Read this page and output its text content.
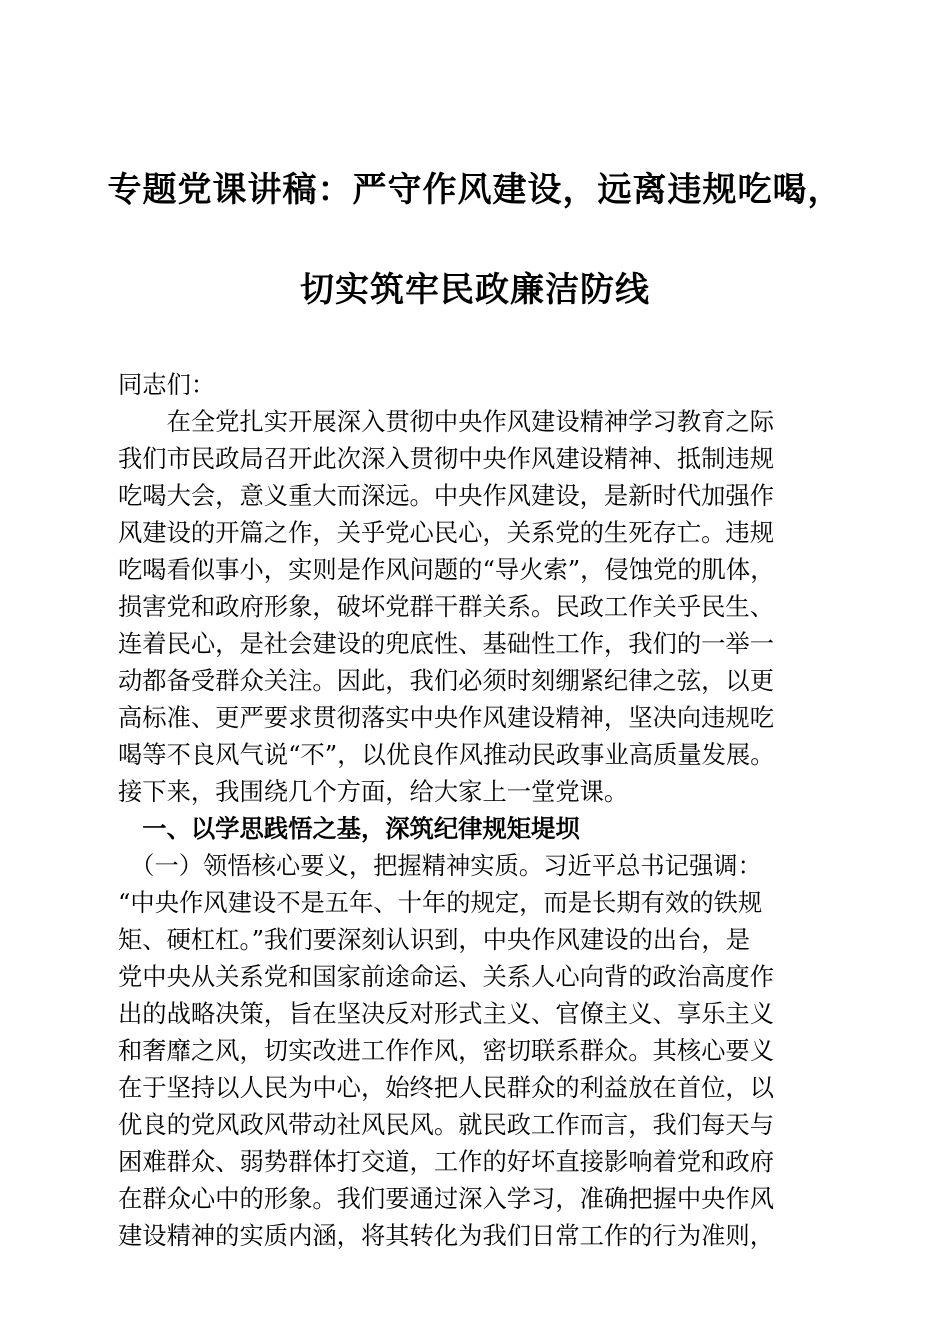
专题党课讲稿：严守作风建设，远离违规吃喝，
切实筑牢民政廉洁防线
同志们：
　　在全党扎实开展深入贯彻中央作风建设精神学习教育之际
我们市民政局召开此次深入贯彻中央作风建设精神、抵制违规
吃喝大会，意义重大而深远。中央作风建设，是新时代加强作
风建设的开篇之作，关乎党心民心，关系党的生死存亡。违规
吃喝看似事小，实则是作风问题的“导火索”，侵蚀党的肌体，
损害党和政府形象，破坏党群干群关系。民政工作关乎民生、
连着民心，是社会建设的兜底性、基础性工作，我们的一举一
动都备受群众关注。因此，我们必须时刻绷紧纪律之弦，以更
高标准、更严要求贯彻落实中央作风建设精神，坚决向违规吃
喝等不良风气说“不”，以优良作风推动民政事业高质量发展。
接下来，我围绕几个方面，给大家上一堂党课。
　一、以学思践悟之基，深筑纪律规矩堤坝
　（一）领悟核心要义，把握精神实质。习近平总书记强调：
“中央作风建设不是五年、十年的规定，而是长期有效的铁规
矩、硬杠杠。”我们要深刻认识到，中央作风建设的出台，是
党中央从关系党和国家前途命运、关系人心向背的政治高度作
出的战略决策，旨在坚决反对形式主义、官僚主义、享乐主义
和奢靡之风，切实改进工作作风，密切联系群众。其核心要义
在于坚持以人民为中心，始终把人民群众的利益放在首位，以
优良的党风政风带动社风民风。就民政工作而言，我们每天与
困难群众、弱势群体打交道，工作的好坏直接影响着党和政府
在群众心中的形象。我们要通过深入学习，准确把握中央作风
建设精神的实质内涵，将其转化为我们日常工作的行为准则，
